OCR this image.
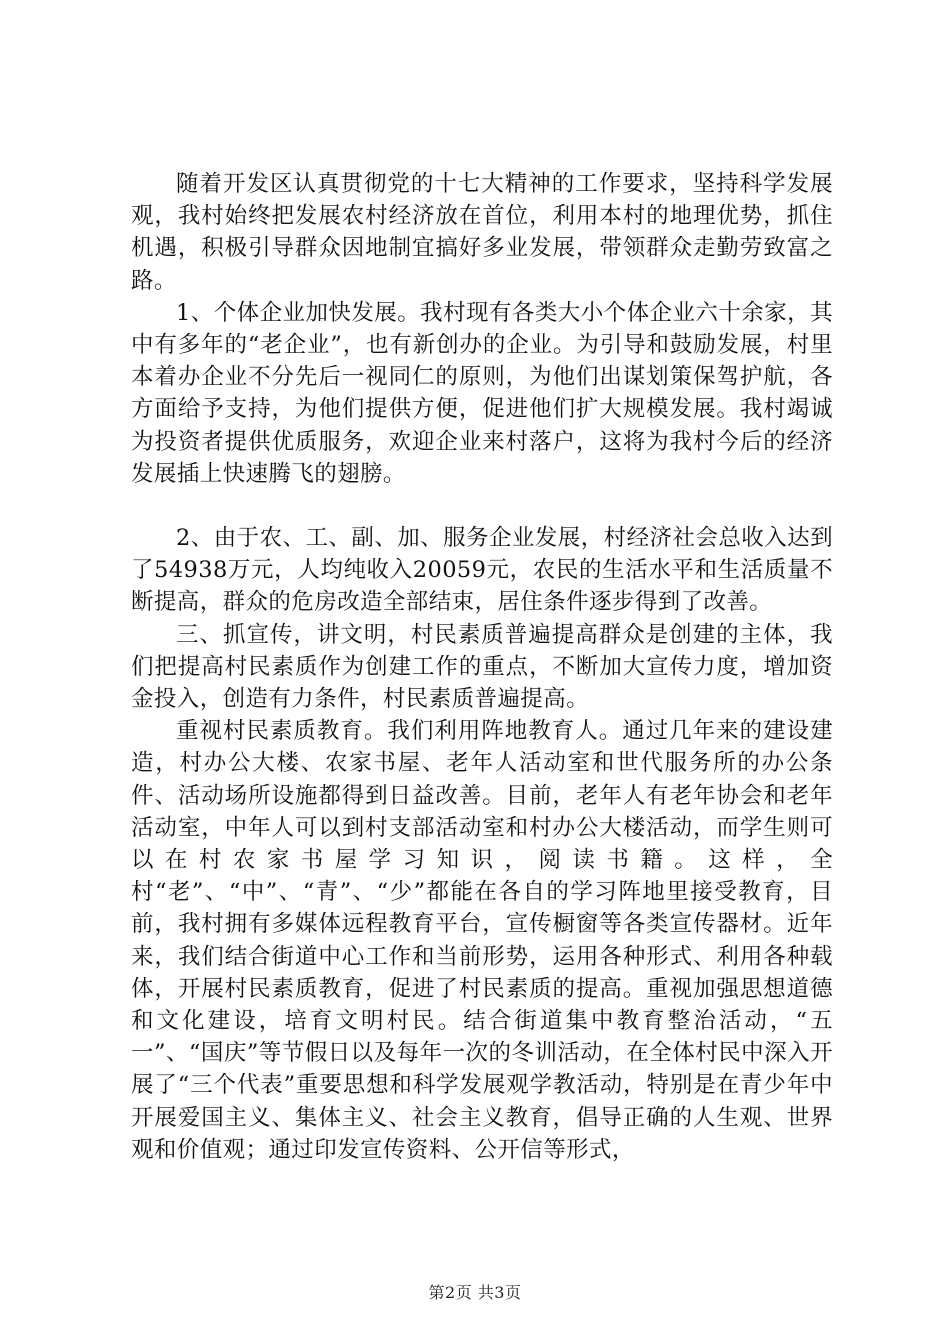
随着开发区认真贯彻党的十七大精神的工作要求，坚持科学发展观，我村始终把发展农村经济放在首位，利用本村的地理优势，抓住机遇，积极引导群众因地制宜搞好多业发展，带领群众走勤劳致富之路。

1、个体企业加快发展。我村现有各类大小个体企业六十余家，其中有多年的“老企业”，也有新创办的企业。为引导和鼓励发展，村里本着办企业不分先后一视同仁的原则，为他们出谋划策保驾护航，各方面给予支持，为他们提供方便，促进他们扩大规模发展。我村竭诚为投资者提供优质服务，欢迎企业来村落户，这将为我村今后的经济发展插上快速腾飞的翅膀。

2、由于农、工、副、加、服务企业发展，村经济社会总收入达到了54938万元，人均纯收入20059元，农民的生活水平和生活质量不断提高，群众的危房改造全部结束，居住条件逐步得到了改善。

三、抓宣传，讲文明，村民素质普遍提高群众是创建的主体，我们把提高村民素质作为创建工作的重点，不断加大宣传力度，增加资金投入，创造有力条件，村民素质普遍提高。

重视村民素质教育。我们利用阵地教育人。通过几年来的建设建造，村办公大楼、农家书屋、老年人活动室和世代服务所的办公条件、活动场所设施都得到日益改善。目前，老年人有老年协会和老年活动室，中年人可以到村支部活动室和村办公大楼活动，而学生则可以在村农家书屋学习知识，阅读书籍。这样，全村“老”、“中”、“青”、“少”都能在各自的学习阵地里接受教育，目前，我村拥有多媒体远程教育平台，宣传橱窗等各类宣传器材。近年来，我们结合街道中心工作和当前形势，运用各种形式、利用各种载体，开展村民素质教育，促进了村民素质的提高。重视加强思想道德和文化建设，培育文明村民。结合街道集中教育整治活动，“五一”、“国庆”等节假日以及每年一次的冬训活动，在全体村民中深入开展了“三个代表”重要思想和科学发展观学教活动，特别是在青少年中开展爱国主义、集体主义、社会主义教育，倡导正确的人生观、世界观和价值观；通过印发宣传资料、公开信等形式，

第2页 共3页
